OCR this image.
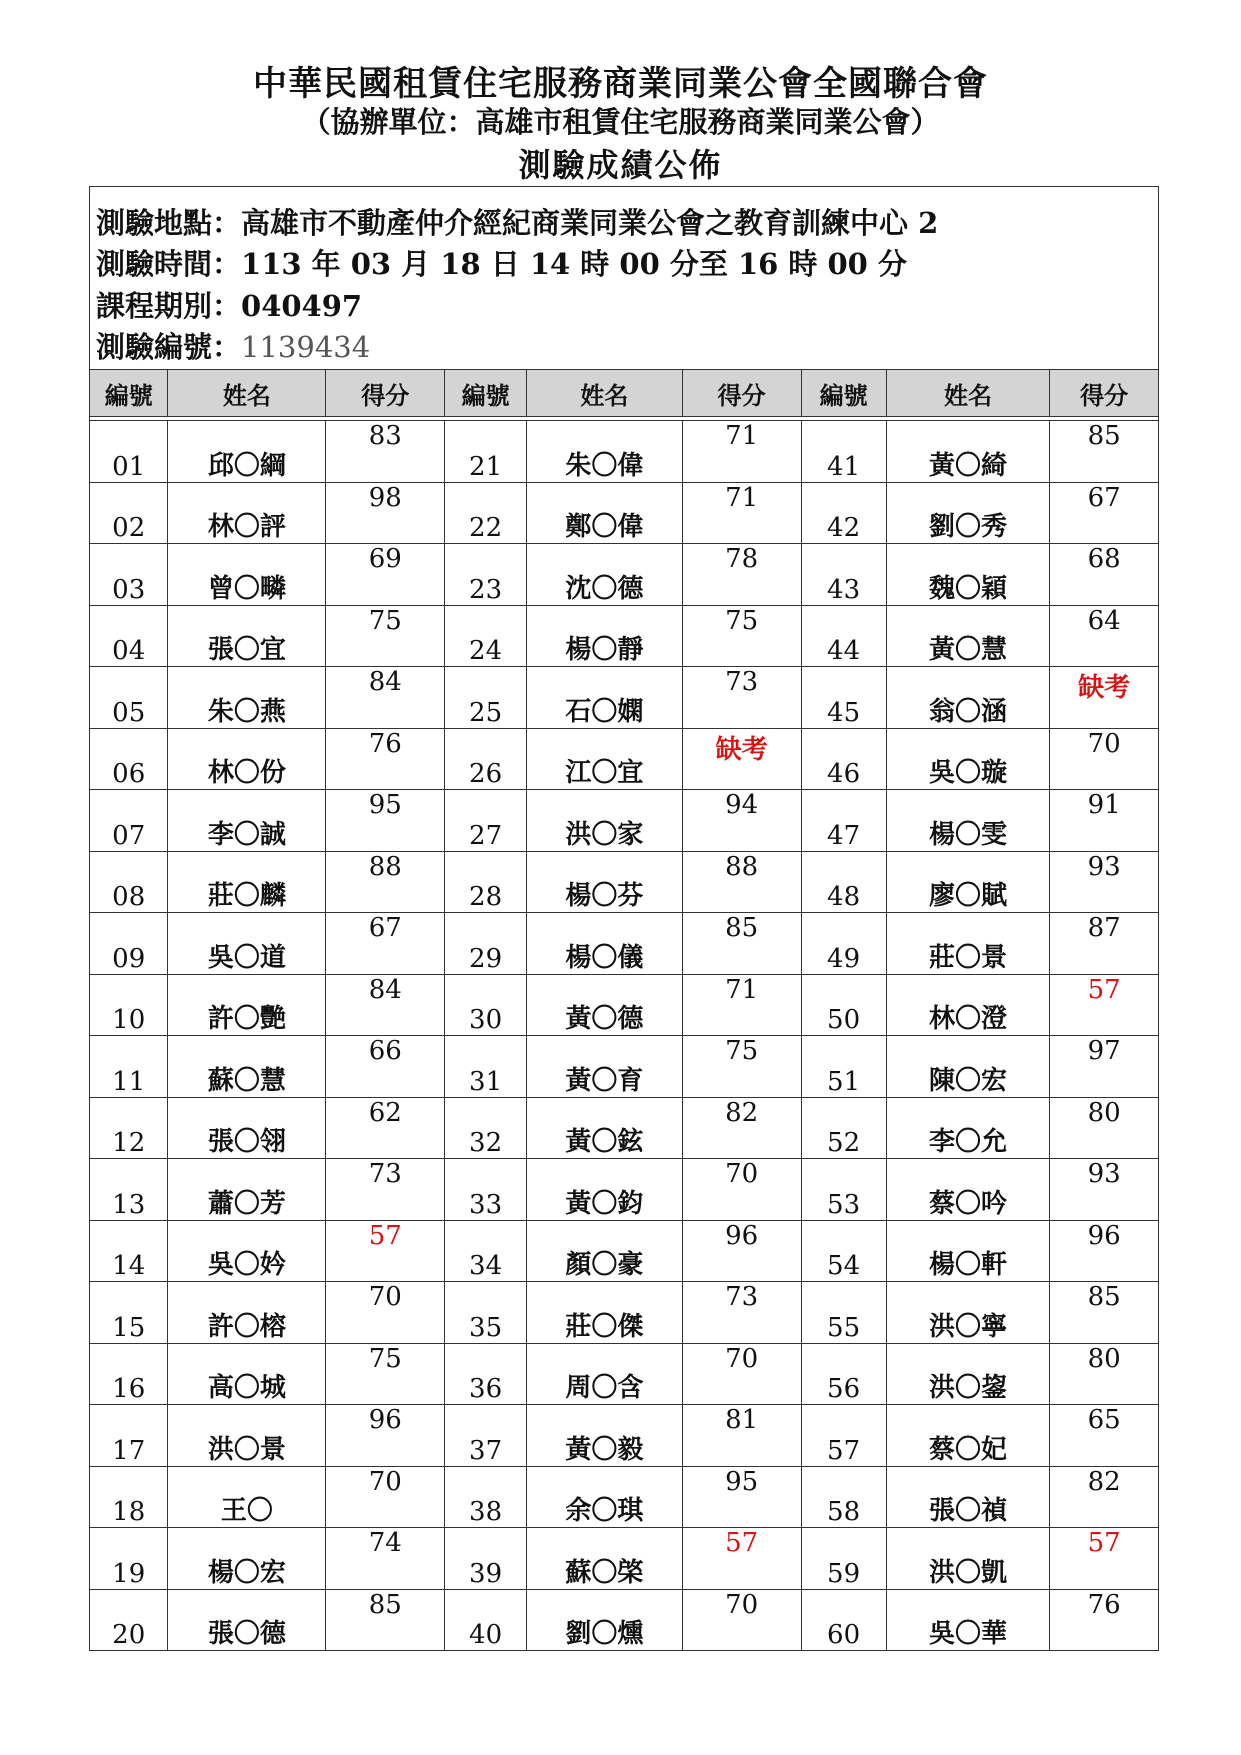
中華民國租賃住宅服務商業同業公會全國聯合會
（協辦單位：高雄市租賃住宅服務商業同業公會）
測驗成績公佈
測驗地點：高雄市不動產仲介經紀商業同業公會之教育訓練中心 2
測驗時間：113 年 03 月 18 日 14 時 00 分至 16 時 00 分
課程期別：040497
測驗編號：1139434
編號	姓名	得分	編號	姓名	得分	編號	姓名	得分

01	邱〇綱	83	21	朱〇偉	71	41	黃〇綺	85
02	林〇評	98	22	鄭〇偉	71	42	劉〇秀	67
03	曾〇疄	69	23	沈〇德	78	43	魏〇穎	68
04	張〇宜	75	24	楊〇靜	75	44	黃〇慧	64
05	朱〇燕	84	25	石〇嫻	73	45	翁〇涵	缺考
06	林〇份	76	26	江〇宜	缺考	46	吳〇璇	70
07	李〇誠	95	27	洪〇家	94	47	楊〇雯	91
08	莊〇麟	88	28	楊〇芬	88	48	廖〇賦	93
09	吳〇道	67	29	楊〇儀	85	49	莊〇景	87
10	許〇艷	84	30	黃〇德	71	50	林〇澄	57
11	蘇〇慧	66	31	黃〇育	75	51	陳〇宏	97
12	張〇翎	62	32	黃〇鉉	82	52	李〇允	80
13	蕭〇芳	73	33	黃〇鈞	70	53	蔡〇吟	93
14	吳〇妗	57	34	顏〇豪	96	54	楊〇軒	96
15	許〇榕	70	35	莊〇傑	73	55	洪〇寧	85
16	高〇城	75	36	周〇含	70	56	洪〇鋆	80
17	洪〇景	96	37	黃〇毅	81	57	蔡〇妃	65
18	王〇	70	38	余〇琪	95	58	張〇禎	82
19	楊〇宏	74	39	蘇〇棨	57	59	洪〇凱	57
20	張〇德	85	40	劉〇燻	70	60	吳〇華	76
